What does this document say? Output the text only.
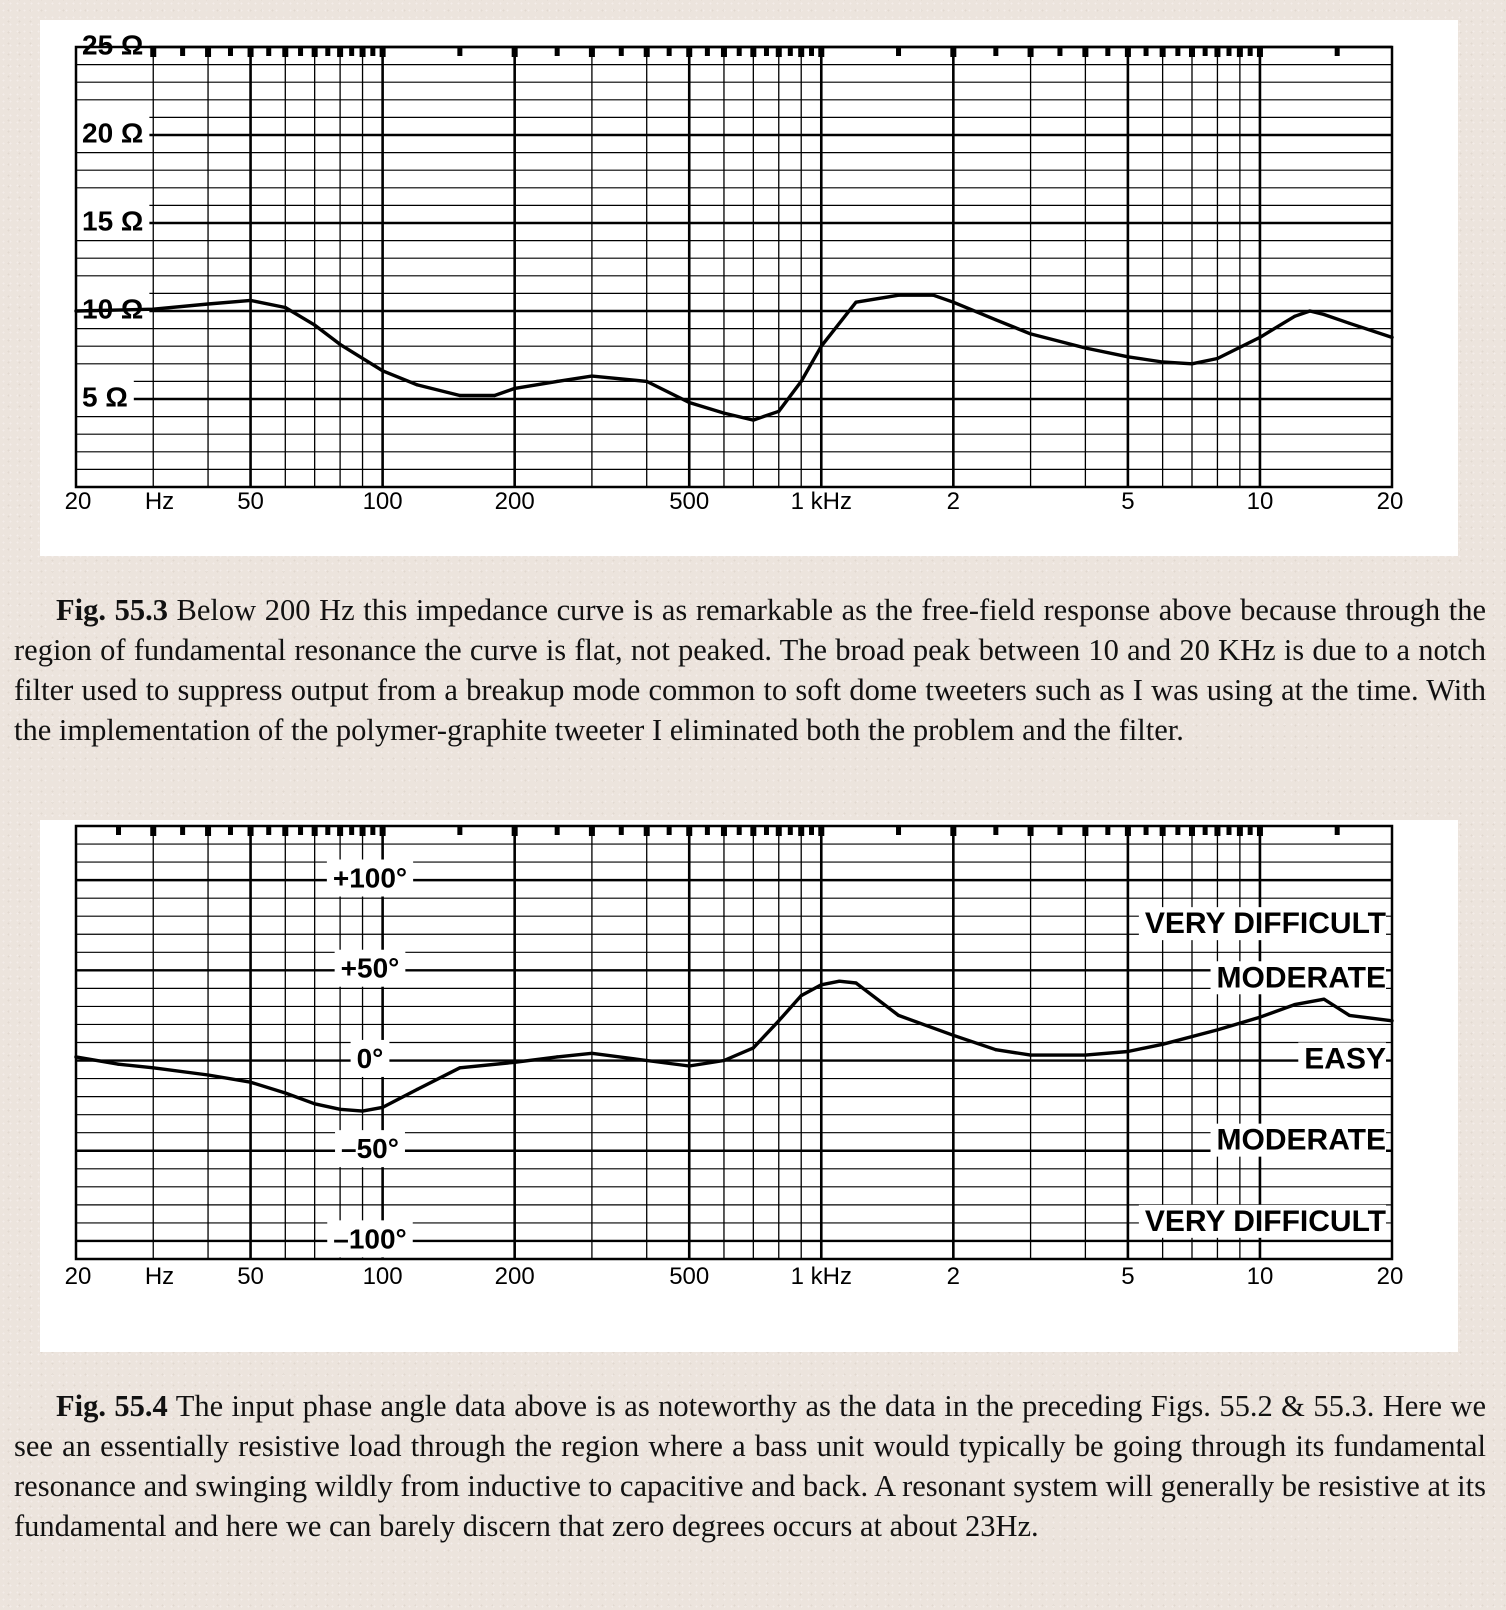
25 Ω
20 Ω
15 Ω
10 Ω
5 Ω
20	50	100	200	500	1 kHz	2	5	10	20
Hz
Fig. 55.3 Below 200 Hz this impedance curve is as remarkable as the free-field response above because through the region of fundamental resonance the curve is flat, not peaked. The broad peak between 10 and 20 KHz is due to a notch filter used to suppress output from a breakup mode common to soft dome tweeters such as I was using at the time. With the implementation of the polymer-graphite tweeter I eliminated both the problem and the filter.
+100°
+50°
0°
–50°
–100°
VERY DIFFICULT
MODERATE
EASY
MODERATE
VERY DIFFICULT
20	50	100	200	500	1 kHz	2	5	10	20
Hz
Fig. 55.4 The input phase angle data above is as noteworthy as the data in the preceding Figs. 55.2 & 55.3. Here we see an essentially resistive load through the region where a bass unit would typically be going through its fundamental resonance and swinging wildly from inductive to capacitive and back. A resonant system will generally be resistive at its fundamental and here we can barely discern that zero degrees occurs at about 23Hz.
